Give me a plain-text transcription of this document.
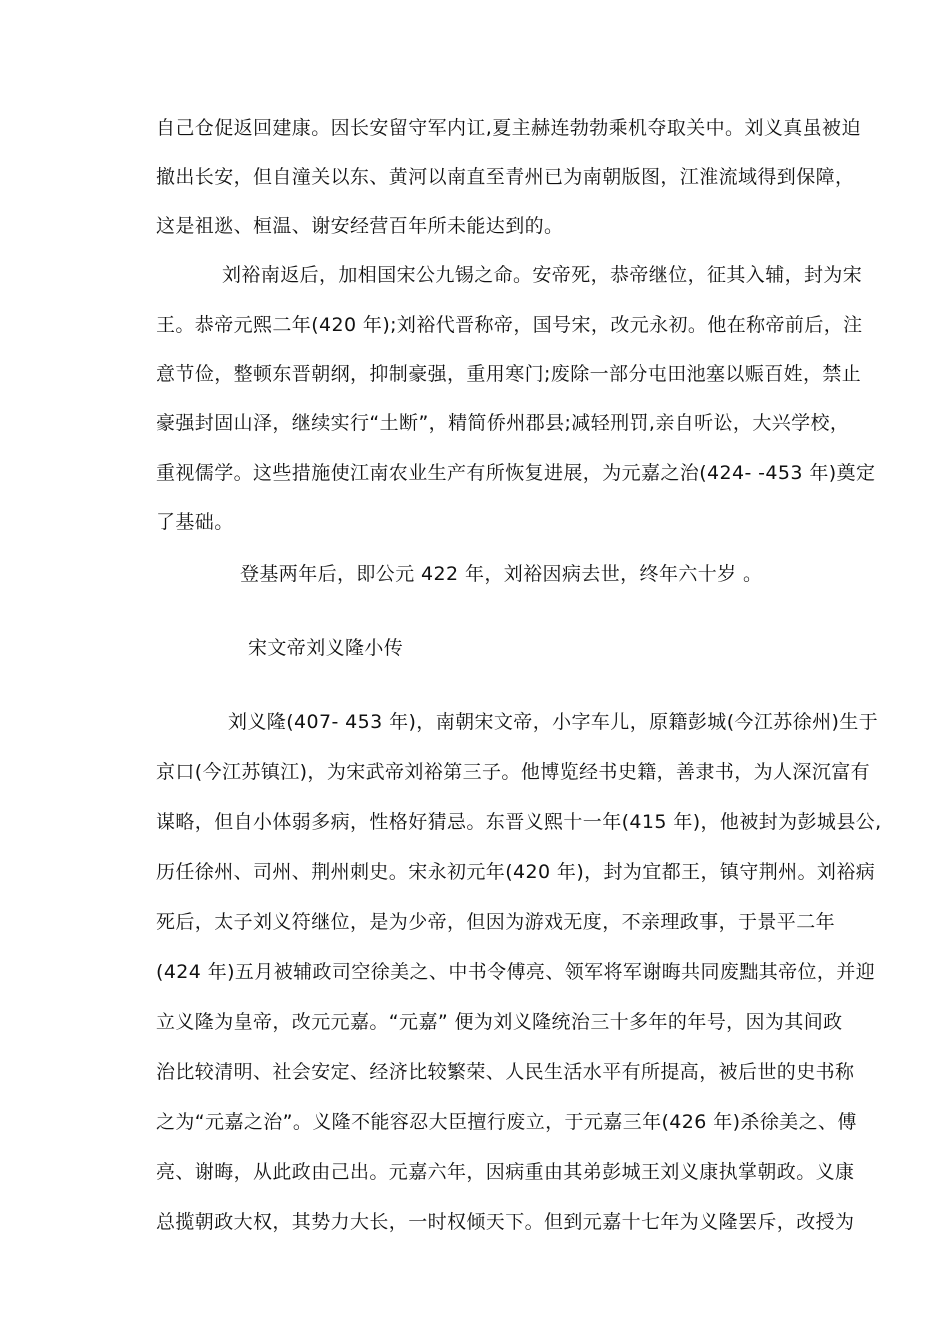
自己仓促返回建康。因长安留守军内讧,夏主赫连勃勃乘机夺取关中。刘义真虽被迫
撤出长安，但自潼关以东、黄河以南直至青州已为南朝版图，江淮流域得到保障，
这是祖逖、桓温、谢安经营百年所未能达到的。
刘裕南返后，加相国宋公九锡之命。安帝死，恭帝继位，征其入辅，封为宋
王。恭帝元熙二年(420 年);刘裕代晋称帝，国号宋，改元永初。他在称帝前后，注
意节俭，整顿东晋朝纲，抑制豪强，重用寒门;废除一部分屯田池塞以赈百姓，禁止
豪强封固山泽，继续实行“土断”，精简侨州郡县;减轻刑罚,亲自听讼，大兴学校，
重视儒学。这些措施使江南农业生产有所恢复进展，为元嘉之治(424- -453 年)奠定
了基础。
登基两年后，即公元 422 年，刘裕因病去世，终年六十岁 。
宋文帝刘义隆小传
刘义隆(407- 453 年)，南朝宋文帝，小字车儿，原籍彭城(今江苏徐州)生于
京口(今江苏镇江)，为宋武帝刘裕第三子。他博览经书史籍，善隶书，为人深沉富有
谋略，但自小体弱多病，性格好猜忌。东晋义熙十一年(415 年)，他被封为彭城县公,
历任徐州、司州、荆州刺史。宋永初元年(420 年)，封为宜都王，镇守荆州。刘裕病
死后，太子刘义符继位，是为少帝，但因为游戏无度，不亲理政事，于景平二年
(424 年)五月被辅政司空徐美之、中书令傅亮、领军将军谢晦共同废黜其帝位，并迎
立义隆为皇帝，改元元嘉。“元嘉” 便为刘义隆统治三十多年的年号，因为其间政
治比较清明、社会安定、经济比较繁荣、人民生活水平有所提高，被后世的史书称
之为“元嘉之治”。义隆不能容忍大臣擅行废立，于元嘉三年(426 年)杀徐美之、傅
亮、谢晦，从此政由己出。元嘉六年，因病重由其弟彭城王刘义康执掌朝政。义康
总揽朝政大权，其势力大长，一时权倾天下。但到元嘉十七年为义隆罢斥，改授为
